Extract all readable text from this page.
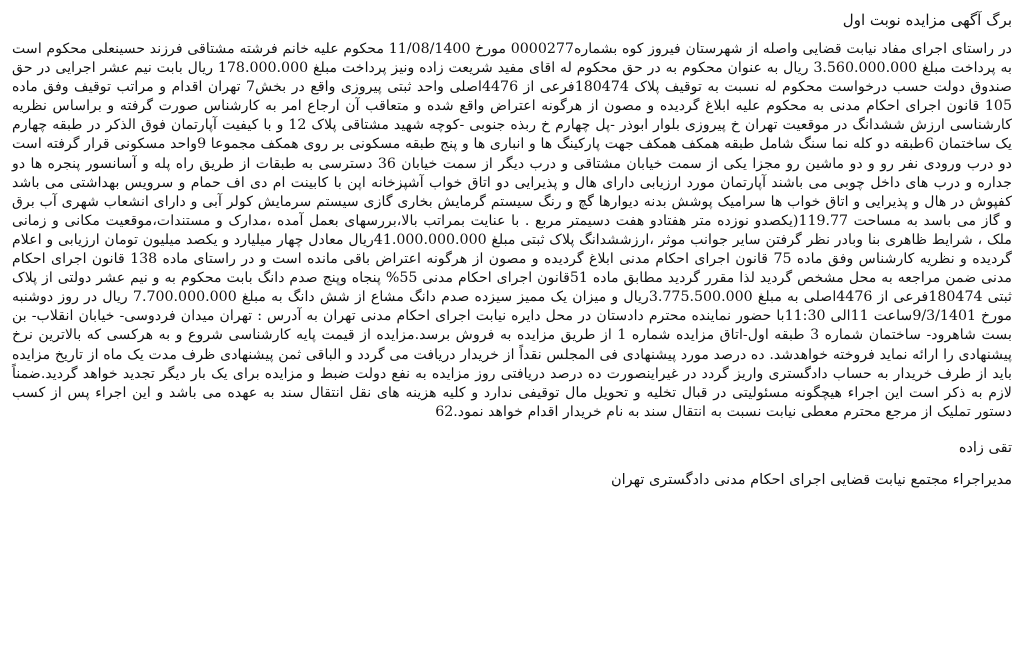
برگ آگهی مزایده نوبت اول

در راستای اجرای مفاد نیابت قضایی واصله از شهرستان فیروز کوه بشماره0000277 مورخ 11/08/1400 محکوم علیه خانم فرشته مشتاقی فرزند حسینعلی محکوم است به پرداخت مبلغ 3.560.000.000 ریال به عنوان محکوم به در حق محکوم له اقای مفید شریعت زاده ونیز پرداخت مبلغ 178.000.000 ریال بابت نیم عشر اجرایی در حق صندوق دولت حسب درخواست محکوم له نسبت به توقیف پلاک 180474فرعی از 4476اصلی واحد ثبتی پیروزی واقع در بخش7 تهران اقدام و مراتب توقیف وفق ماده 105 قانون اجرای احکام مدنی به محکوم علیه ابلاغ گردیده و مصون از هرگونه اعتراض واقع شده و متعاقب آن ارجاع امر به کارشناس صورت گرفته و براساس نظریه کارشناسی ارزش ششدانگ در موقعیت تهران خ پیروزی بلوار ابوذر -پل چهارم خ ربذه جنوبی -کوچه شهید مشتاقی پلاک 12 و با کیفیت آپارتمان فوق الذکر در طبقه چهارم یک ساختمان 6طبقه دو کله نما سنگ شامل طبقه همکف همکف جهت پارکینگ ها و انباری ها و پنج طبقه مسکونی بر روی همکف مجموعا 9واحد مسکونی قرار گرفته است دو درب ورودی نفر رو و دو ماشین رو مجزا یکی از سمت خیابان مشتاقی و درب دیگر از سمت خیابان 36 دسترسی به طبقات از طریق راه پله و آسانسور پنجره ها دو جداره و درب های داخل چوبی می باشند آپارتمان مورد ارزیابی دارای هال و پذیرایی دو اتاق خواب آشپزخانه اپن با کابینت ام دی اف حمام و سرویس بهداشتی می باشد کفپوش در هال و پذیرایی و اتاق خواب ها سرامیک پوشش بدنه دیوارها گچ و رنگ سیستم گرمایش بخاری گازی سیستم سرمایش کولر آبی و دارای انشعاب شهری آب برق و گاز می باسد به مساحت 119.77(یکصدو نوزده متر هفتادو هفت دسیمتر مربع . با عنایت بمراتب بالا،بررسهای بعمل آمده ،مدارک و مستندات،موقعیت مکانی و زمانی ملک ، شرایط ظاهری بنا وبادر نظر گرفتن سایر جوانب موثر ،ارزششدانگ پلاک ثبتی مبلغ 41.000.000.000ریال معادل چهار میلیارد و یکصد میلیون تومان ارزیابی و اعلام گردیده و نظریه کارشناس وفق ماده 75 قانون اجرای احکام مدنی ابلاغ گردیده و مصون از هرگونه اعتراض باقی مانده است و در راستای ماده 138 قانون اجرای احکام مدنی ضمن مراجعه به محل مشخص گردید لذا مقرر گردید مطابق ماده 51قانون اجرای احکام مدنی 55% پنجاه وپنج صدم دانگ بابت محکوم به و نیم عشر دولتی از پلاک ثبتی 180474فرعی از 4476اصلی به مبلغ 3.775.500.000ریال و میزان یک ممیز سیزده صدم دانگ مشاع از شش دانگ به مبلغ 7.700.000.000 ریال در روز دوشنبه مورخ 9/3/1401ساعت 11الی 11:30با حضور نماینده محترم دادستان در محل دایره نیابت اجرای احکام مدنی تهران به آدرس : تهران میدان فردوسی- خیابان انقلاب- بن بست شاهرود- ساختمان شماره 3 طبقه اول-اتاق مزایده شماره 1 از طریق مزایده به فروش برسد.مزایده از قیمت پایه کارشناسی شروع و به هرکسی که بالاترین نرخ پیشنهادی را ارائه نماید فروخته خواهدشد. ده درصد مورد پیشنهادی فی المجلس نقداً از خریدار دریافت می گردد و الباقی ثمن پیشنهادی ظرف مدت یک ماه از تاریخ مزایده باید از طرف خریدار به حساب دادگستری واریز گردد در غیراینصورت ده درصد دریافتی روز مزایده به نفع دولت ضبط و مزایده برای یک بار دیگر تجدید خواهد گردید.ضمناً لازم به ذکر است این اجراء هیچگونه مسئولیتی در قبال تخلیه و تحویل مال توقیفی ندارد و کلیه هزینه های نقل انتقال سند به عهده می باشد و این اجراء پس از کسب دستور تملیک از مرجع محترم معطی نیابت نسبت به انتقال سند به نام خریدار اقدام خواهد نمود.62

تقی زاده
مدیراجراء مجتمع نیابت قضایی اجرای احکام مدنی دادگستری تهران
